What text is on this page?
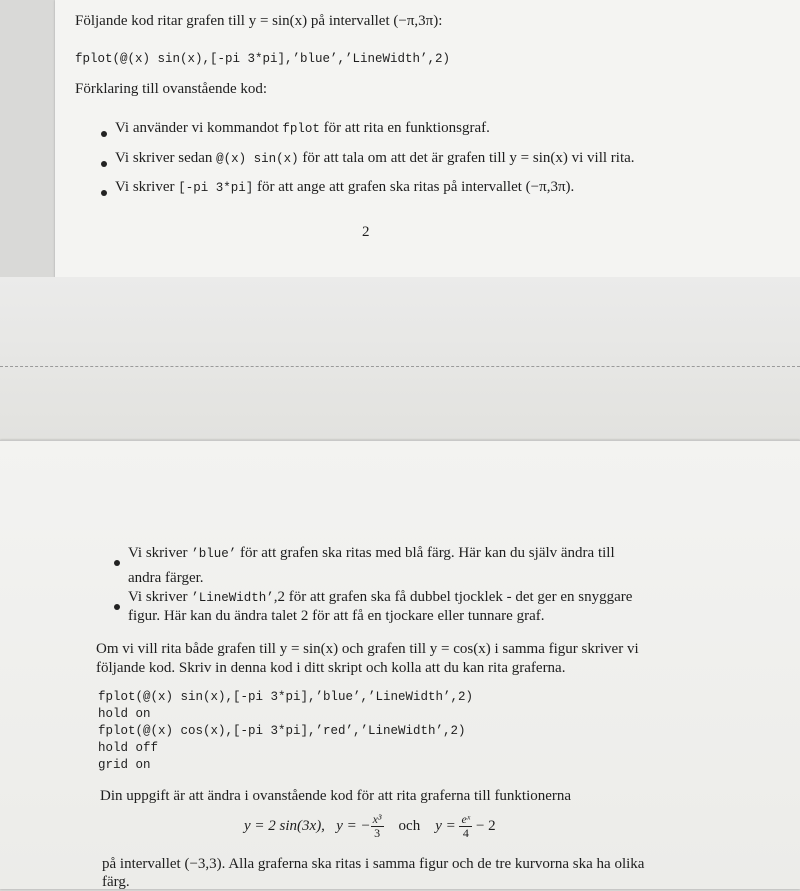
Följande kod ritar grafen till y = sin(x) på intervallet (−π,3π):
fplot(@(x) sin(x),[-pi 3*pi],’blue’,’LineWidth’,2)
Förklaring till ovanstående kod:
Vi använder vi kommandot fplot för att rita en funktionsgraf.
Vi skriver sedan @(x) sin(x) för att tala om att det är grafen till y = sin(x) vi vill rita.
Vi skriver [-pi 3*pi] för att ange att grafen ska ritas på intervallet (−π,3π).
2
Vi skriver ’blue’ för att grafen ska ritas med blå färg. Här kan du själv ändra till
andra färger.
Vi skriver ’LineWidth’,2 för att grafen ska få dubbel tjocklek - det ger en snyggare
figur. Här kan du ändra talet 2 för att få en tjockare eller tunnare graf.
Om vi vill rita både grafen till y = sin(x) och grafen till y = cos(x) i samma figur skriver vi
följande kod. Skriv in denna kod i ditt skript och kolla att du kan rita graferna.
fplot(@(x) sin(x),[-pi 3*pi],’blue’,’LineWidth’,2)
hold on
fplot(@(x) cos(x),[-pi 3*pi],’red’,’LineWidth’,2)
hold off
grid on
Din uppgift är att ändra i ovanstående kod för att rita graferna till funktionerna
y = 2 sin(3x), y = − $\frac{\text{x³}}{3}$ och $y = \frac{\text{eˣ}}{4} - 2$
på intervallet (−3,3). Alla graferna ska ritas i samma figur och de tre kurvorna ska ha olika
färg.
